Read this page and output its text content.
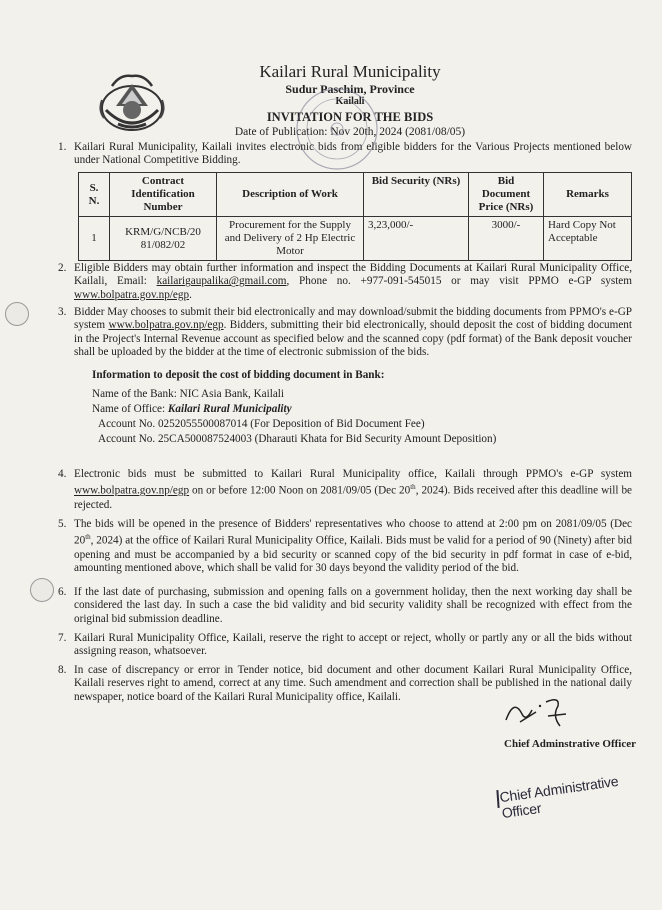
Kailari Rural Municipality
Sudur Paschim, Province
Kailali
INVITATION FOR THE BIDS
Date of Publication: Nov 20th, 2024 (2081/08/05)
1. Kailari Rural Municipality, Kailali invites electronic bids from eligible bidders for the Various Projects mentioned below under National Competitive Bidding.
S. N.	Contract Identification Number	Description of Work	Bid Security (NRs)	Bid Document Price (NRs)	Remarks
1	KRM/G/NCB/20 81/082/02	Procurement for the Supply and Delivery of 2 Hp Electric Motor	3,23,000/-	3000/-	Hard Copy Not Acceptable
2. Eligible Bidders may obtain further information and inspect the Bidding Documents at Kailari Rural Municipality Office, Kailali, Email: kailarigaupalika@gmail.com, Phone no. +977-091-545015 or may visit PPMO e-GP system www.bolpatra.gov.np/egp.
3. Bidder May chooses to submit their bid electronically and may download/submit the bidding documents from PPMO's e-GP system www.bolpatra.gov.np/egp. Bidders, submitting their bid electronically, should deposit the cost of bidding document in the Project's Internal Revenue account as specified below and the scanned copy (pdf format) of the Bank deposit voucher shall be uploaded by the bidder at the time of electronic submission of the bids.
Information to deposit the cost of bidding document in Bank:
Name of the Bank: NIC Asia Bank, Kailali
Name of Office: Kailari Rural Municipality
Account No. 0252055500087014 (For Deposition of Bid Document Fee)
Account No. 25CA500087524003 (Dharauti Khata for Bid Security Amount Deposition)
4. Electronic bids must be submitted to Kailari Rural Municipality office, Kailali through PPMO's e-GP system www.bolpatra.gov.np/egp on or before 12:00 Noon on 2081/09/05 (Dec 20th, 2024). Bids received after this deadline will be rejected.
5. The bids will be opened in the presence of Bidders' representatives who choose to attend at 2:00 pm on 2081/09/05 (Dec 20th, 2024) at the office of Kailari Rural Municipality Office, Kailali. Bids must be valid for a period of 90 (Ninety) after bid opening and must be accompanied by a bid security or scanned copy of the bid security in pdf format in case of e-bid, amounting mentioned above, which shall be valid for 30 days beyond the validity period of the bid.
6. If the last date of purchasing, submission and opening falls on a government holiday, then the next working day shall be considered the last day. In such a case the bid validity and bid security validity shall be recognized with effect from the original bid submission deadline.
7. Kailari Rural Municipality Office, Kailali, reserve the right to accept or reject, wholly or partly any or all the bids without assigning reason, whatsoever.
8. In case of discrepancy or error in Tender notice, bid document and other document Kailari Rural Municipality Office, Kailali reserves right to amend, correct at any time. Such amendment and correction shall be published in the national daily newspaper, notice board of the Kailari Rural Municipality office, Kailali.
Chief Adminstrative Officer
Chief Administrative Officer
